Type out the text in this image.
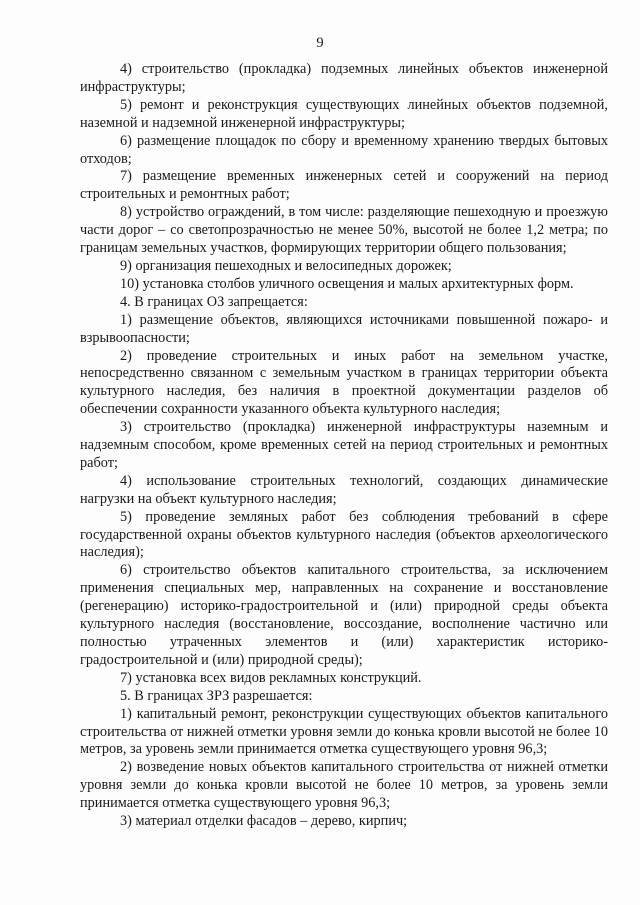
9

4) строительство (прокладка) подземных линейных объектов инженерной инфраструктуры;

5) ремонт и реконструкция существующих линейных объектов подземной, наземной и надземной инженерной инфраструктуры;

6) размещение площадок по сбору и временному хранению твердых бытовых отходов;

7) размещение временных инженерных сетей и сооружений на период строительных и ремонтных работ;

8) устройство ограждений, в том числе: разделяющие пешеходную и проезжую части дорог – со светопрозрачностью не менее 50%, высотой не более 1,2 метра; по границам земельных участков, формирующих территории общего пользования;

9) организация пешеходных и велосипедных дорожек;

10) установка столбов уличного освещения и малых архитектурных форм.

4. В границах ОЗ запрещается:

1) размещение объектов, являющихся источниками повышенной пожаро- и взрывоопасности;

2) проведение строительных и иных работ на земельном участке, непосредственно связанном с земельным участком в границах территории объекта культурного наследия, без наличия в проектной документации разделов об обеспечении сохранности указанного объекта культурного наследия;

3) строительство (прокладка) инженерной инфраструктуры наземным и надземным способом, кроме временных сетей на период строительных и ремонтных работ;

4) использование строительных технологий, создающих динамические нагрузки на объект культурного наследия;

5) проведение земляных работ без соблюдения требований в сфере государственной охраны объектов культурного наследия (объектов археологического наследия);

6) строительство объектов капитального строительства, за исключением применения специальных мер, направленных на сохранение и восстановление (регенерацию) историко-градостроительной и (или) природной среды объекта культурного наследия (восстановление, воссоздание, восполнение частично или полностью утраченных элементов и (или) характеристик историко-градостроительной и (или) природной среды);

7) установка всех видов рекламных конструкций.

5. В границах ЗРЗ разрешается:

1) капитальный ремонт, реконструкции существующих объектов капитального строительства от нижней отметки уровня земли до конька кровли высотой не более 10 метров, за уровень земли принимается отметка существующего уровня 96,3;

2) возведение новых объектов капитального строительства от нижней отметки уровня земли до конька кровли высотой не более 10 метров, за уровень земли принимается отметка существующего уровня 96,3;

3) материал отделки фасадов – дерево, кирпич;
